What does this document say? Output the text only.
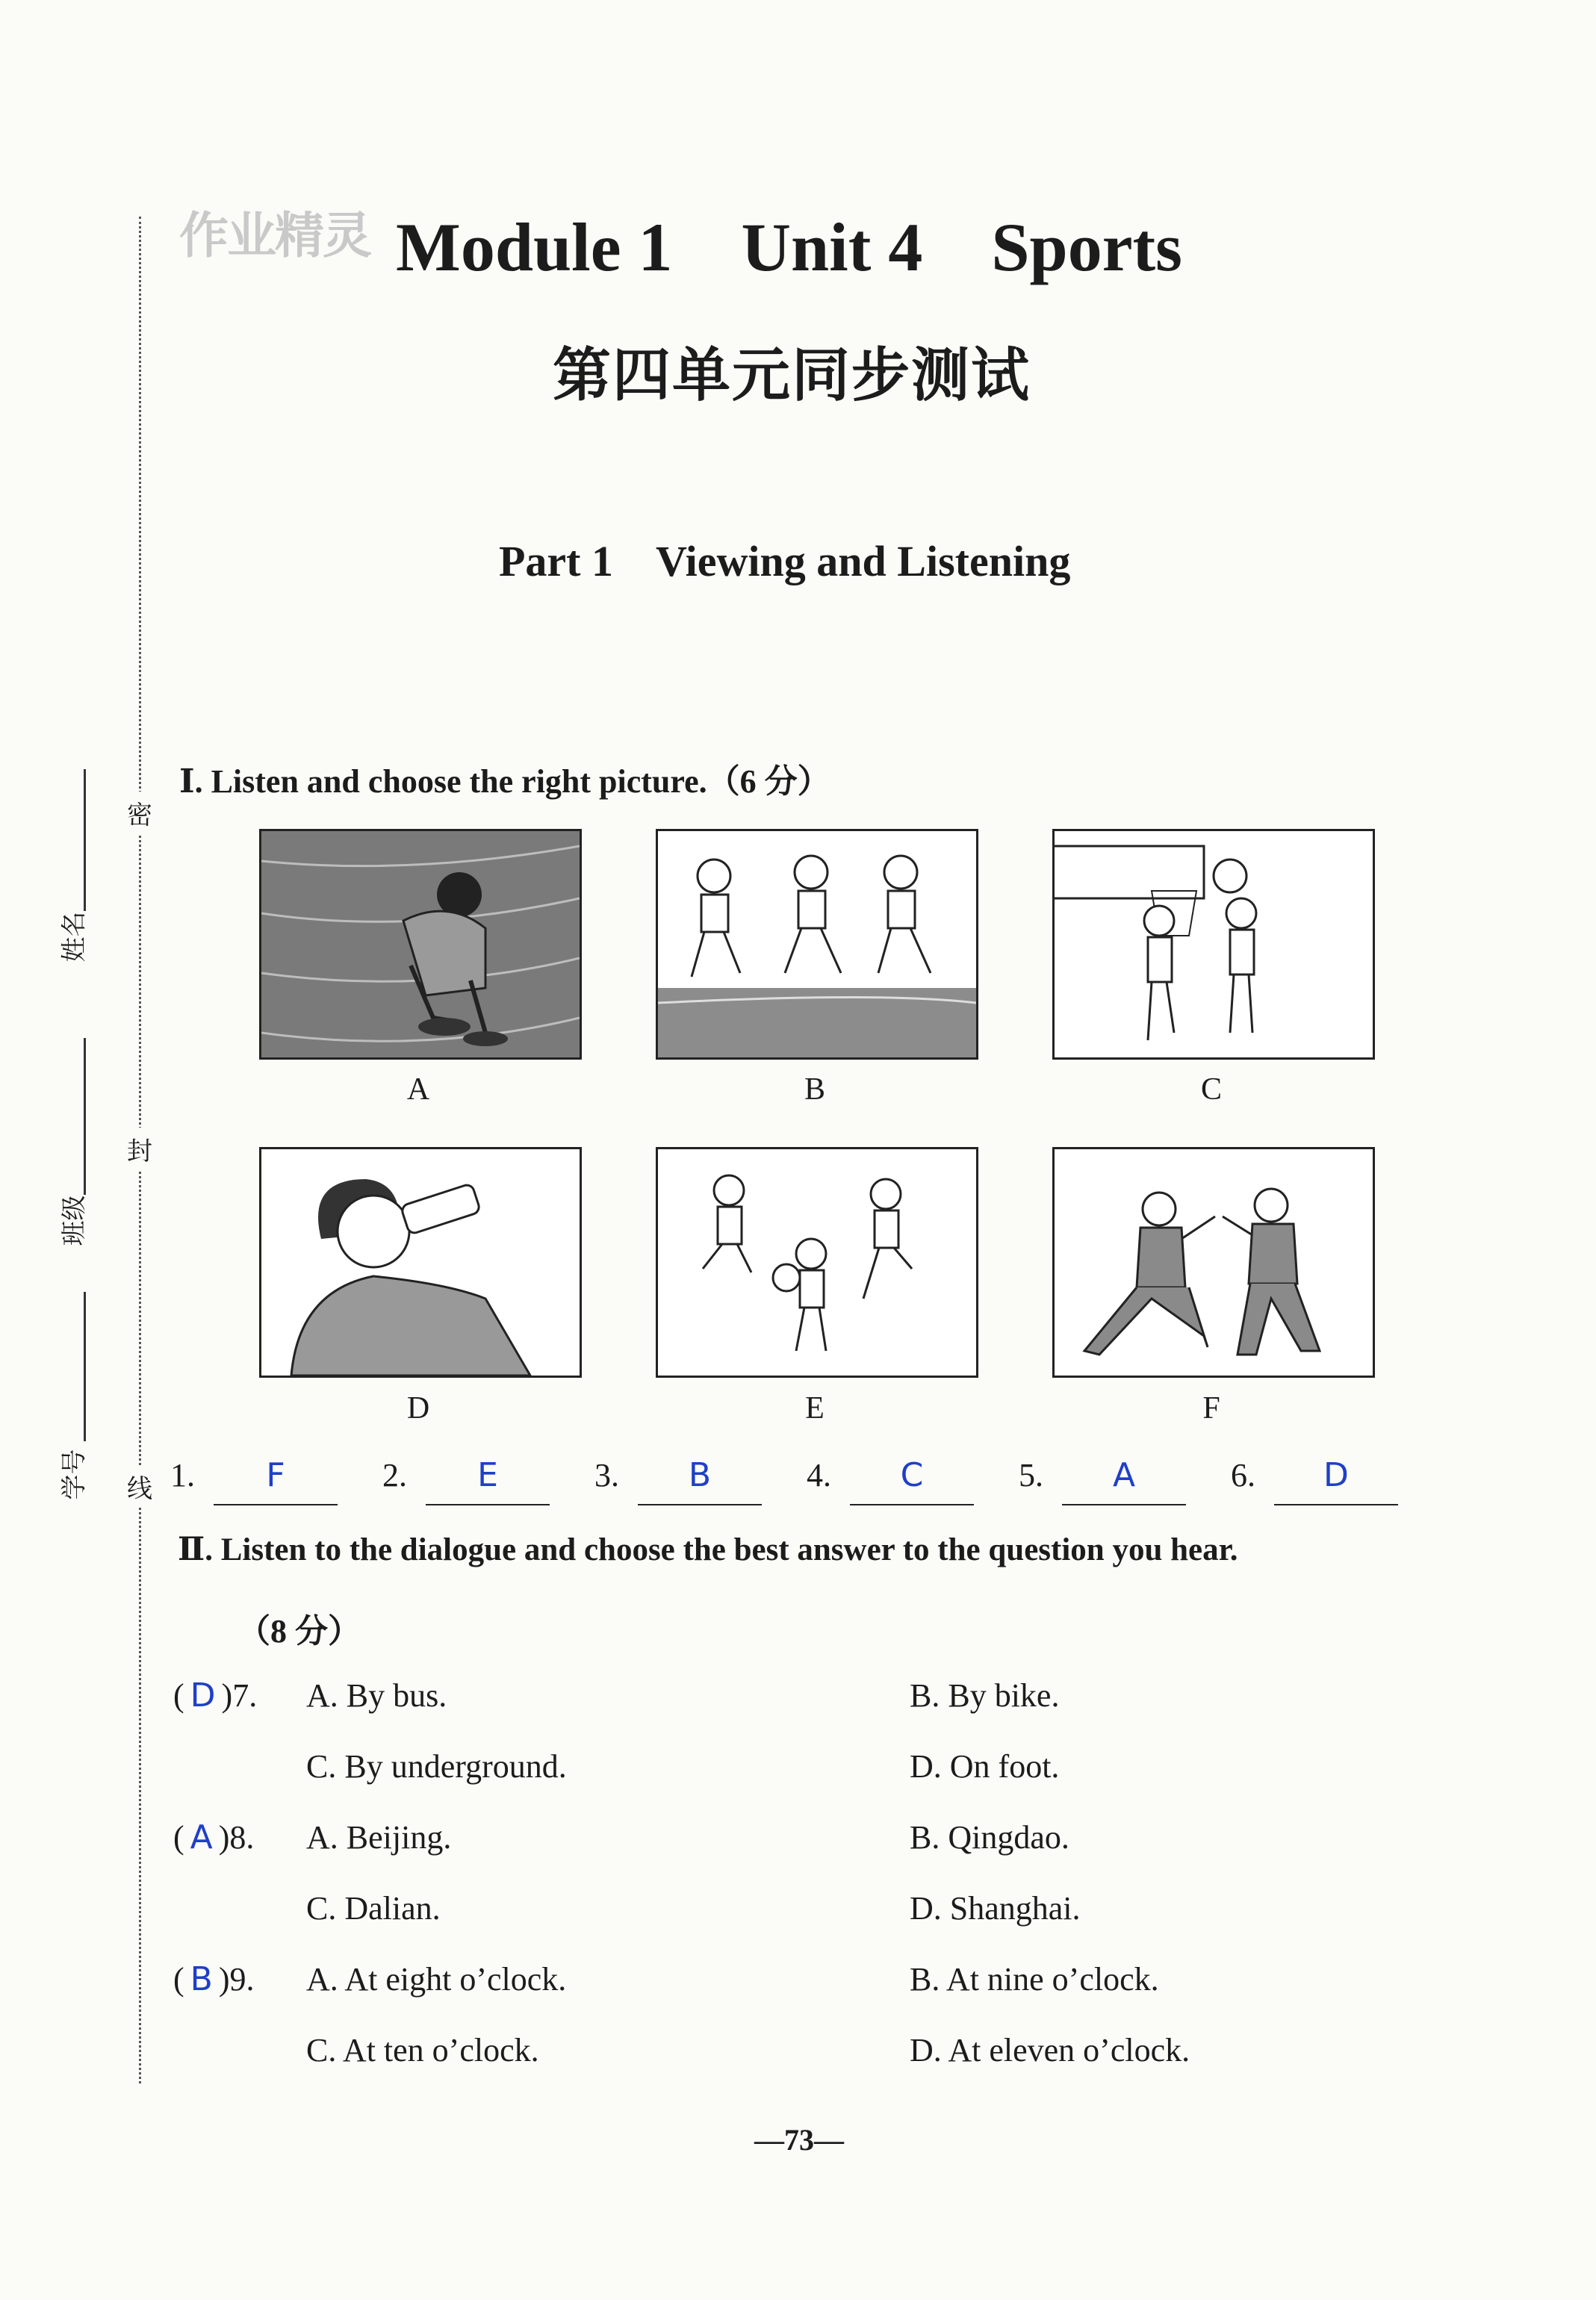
姓名
班级
学号
密
封
线
作业精灵 Module 1    Unit 4    Sports
第四单元同步测试
Part 1    Viewing and Listening
Ⅰ. Listen and choose the right picture.（6 分）
A	B	C
D	E	F
1.	F	2.	E	3.	B	4.	C	5.	A	6.	D
Ⅱ. Listen to the dialogue and choose the best answer to the question you hear.
（8 分）
( D )7. A. By bus.	B. By bike.
C. By underground.	D. On foot.
( A )8. A. Beijing.	B. Qingdao.
C. Dalian.	D. Shanghai.
( B )9. A. At eight o’clock.	B. At nine o’clock.
C. At ten o’clock.	D. At eleven o’clock.
—73—
